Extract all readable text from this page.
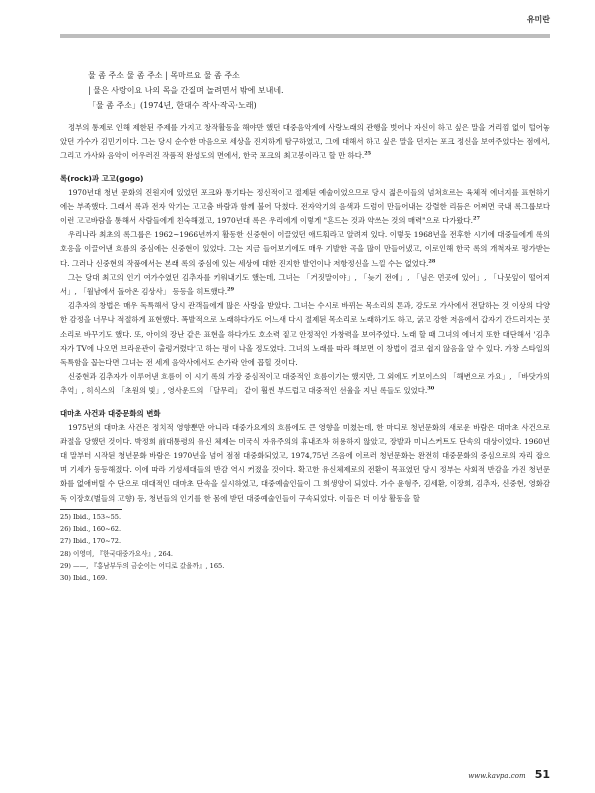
유미란
물 좀 주소 물 좀 주소 | 목마르요 물 좀 주소
| 물은 사랑이요 나의 목을 간질며 놀려면서 밖에 보내네.
「물 좀 주소」(1974년, 한대수 작사·작곡·노래)

정부의 통제로 인해 제한된 주제를 가지고 창작활동을 해야만 했던 대중음악계에 사랑노래의 관행을 벗어나 자신이 하고 싶은 말을 거리낌 없이 털어놓았던 가수가 김민기이다. 그는 당시 순수한 마음으로 세상을 진지하게 탐구하였고, 그에 대해서 하고 싶은 말을 던지는 포크 정신을 보여주었다는 점에서, 그리고 가사와 음악이 어우러진 작품적 완성도의 면에서, 한국 포크의 최고봉이라고 할 만 하다.$^{25}$

록(rock)과 고고(gogo)

1970년대 청년 문화의 진원지에 있었던 포크와 통기타는 정신적이고 절제된 예술이었으므로 당시 젊은이들의 넘쳐흐르는 육체적 에너지를 표현하기에는 부족했다. 그래서 록과 전자 악기는 고고춤 바람과 함께 불어 닥쳤다. 전자악기의 음색과 드럼이 만들어내는 강렬한 리듬은 어쩌면 국내 록그룹보다 이런 고고바람을 통해서 사람들에게 친숙해졌고, 1970년대 록은 우리에게 이렇게 "흔드는 것과 약쓰는 것의 매력"으로 다가왔다.$^{27}$

우리나라 최초의 록그룹은 1962~1966년까지 활동한 신중현이 이끌었던 애드훠라고 알려져 있다. 이렇듯 1968년을 전후한 시기에 대중들에게 록의 호응을 이끌어낸 흐름의 중심에는 신중현이 있었다. 그는 지금 들어보기에도 매우 기발한 곡을 많이 만들어냈고, 이로인해 한국 록의 개척자로 평가받는다. 그러나 신중현의 작품에서는 본래 록의 중심에 있는 세상에 대한 진지한 발언이나 저항정신을 느낄 수는 없었다.$^{28}$

그는 당대 최고의 인기 여가수였던 김추자를 키워내기도 했는데, 그녀는 「거짓말이야」, 「늦기 전에」, 「님은 먼곳에 있어」, 「나뭇잎이 떨어져서」, 「월남에서 돌아온 김상사」 등등을 히트했다.$^{29}$

김추자의 창법은 매우 독특해서 당시 관객들에게 많은 사랑을 받았다. 그녀는 수시로 바뀌는 목소리의 톤과, 강도로 가사에서 전달하는 것 이상의 다양한 감정을 너무나 적절하게 표현했다. 폭발적으로 노래하다가도 어느새 다시 절제된 목소리로 노래하기도 하고, 굵고 강한 저음에서 갑자기 간드러지는 콧소리로 바꾸기도 했다. 또, 아이의 장난 같은 표현을 하다가도 호소력 짙고 안정적인 가창력을 보여주었다. 노래 할 때 그녀의 에너지 또한 대단해서 '김추자가 TV에 나오면 브라운관이 출렁거렸다'고 하는 평이 나올 정도였다. 그녀의 노래를 따라 해보면 이 창법이 결코 쉽지 않음을 알 수 있다. 가창 스타일의 독특함을 꼽는다면 그녀는 전 세계 음악사에서도 손가락 안에 꼽힐 것이다.

신중현과 김추자가 이루어낸 흐름이 이 시기 록의 가장 중심적이고 대중적인 흐름이기는 했지만, 그 외에도 키보이스의 「해변으로 가요」, 「바닷가의 추억」, 히식스의 「초원의 빛」, 영사운드의 「달무리」 같이 훨씬 부드럽고 대중적인 선율을 지닌 록들도 있었다.$^{30}$

대마초 사건과 대중문화의 변화

1975년의 대마초 사건은 정치적 영향뿐만 아니라 대중가요계의 흐름에도 큰 영향을 미쳤는데, 한 마디로 청년문화의 새로운 바람은 대마초 사건으로 좌절을 당했던 것이다. 박정희 前대통령의 유신 체제는 미국식 자유주의의 휴내조차 허용하지 않았고, 장발과 미니스커트도 단속의 대상이었다. 1960년대 말부터 시작된 청년문화 바람은 1970년을 넘어 점점 대중화되었고, 1974,75년 즈음에 이르러 청년문화는 완전히 대중문화의 중심으로의 자리 잡으며 기세가 등등해졌다. 이에 따라 기성세대들의 반감 역시 커졌을 것이다. 확고한 유신체제로의 전환이 목표였던 당시 정부는 사회적 반감을 가진 청년문화를 없애버릴 수 단으로 대대적인 대마초 단속을 실시하였고, 대중예술인들이 그 희생양이 되었다. 가수 윤형주, 김세환, 이장희, 김추자, 신중현, 영화감독 이장호(별들의 고향) 등, 청년들의 인기를 한 몸에 받던 대중예술인들이 구속되었다. 이들은 더 이상 활동을 할

25) Ibid., 153~55.
26) Ibid., 160~62.
27) Ibid., 170~72.
28) 이영미, 『한국대중가요사』, 264.
29) ——, 『홍남부두의 금순이는 어디로 갔을까』, 165.
30) Ibid., 169.
www.kavpa.com 51
